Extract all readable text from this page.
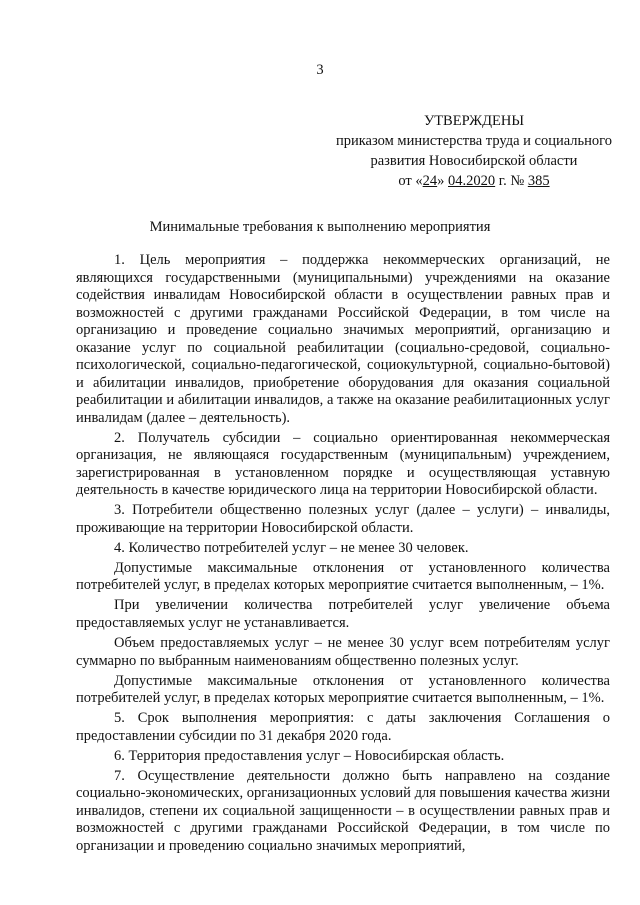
3
УТВЕРЖДЕНЫ
приказом министерства труда и социального
развития Новосибирской области
от «24» 04.2020 г. № 385
Минимальные требования к выполнению мероприятия

1. Цель мероприятия – поддержка некоммерческих организаций, не являющихся государственными (муниципальными) учреждениями на оказание содействия инвалидам Новосибирской области в осуществлении равных прав и возможностей с другими гражданами Российской Федерации, в том числе на организацию и проведение социально значимых мероприятий, организацию и оказание услуг по социальной реабилитации (социально-средовой, социально-психологической, социально-педагогической, социокультурной, социально-бытовой) и абилитации инвалидов, приобретение оборудования для оказания социальной реабилитации и абилитации инвалидов, а также на оказание реабилитационных услуг инвалидам (далее – деятельность).

2. Получатель субсидии – социально ориентированная некоммерческая организация, не являющаяся государственным (муниципальным) учреждением, зарегистрированная в установленном порядке и осуществляющая уставную деятельность в качестве юридического лица на территории Новосибирской области.

3. Потребители общественно полезных услуг (далее – услуги) – инвалиды, проживающие на территории Новосибирской области.

4. Количество потребителей услуг – не менее 30 человек.

Допустимые максимальные отклонения от установленного количества потребителей услуг, в пределах которых мероприятие считается выполненным, – 1%.

При увеличении количества потребителей услуг увеличение объема предоставляемых услуг не устанавливается.

Объем предоставляемых услуг – не менее 30 услуг всем потребителям услуг суммарно по выбранным наименованиям общественно полезных услуг.

Допустимые максимальные отклонения от установленного количества потребителей услуг, в пределах которых мероприятие считается выполненным, – 1%.

5. Срок выполнения мероприятия: с даты заключения Соглашения о предоставлении субсидии по 31 декабря 2020 года.

6. Территория предоставления услуг – Новосибирская область.

7. Осуществление деятельности должно быть направлено на создание социально-экономических, организационных условий для повышения качества жизни инвалидов, степени их социальной защищенности – в осуществлении равных прав и возможностей с другими гражданами Российской Федерации, в том числе по организации и проведению социально значимых мероприятий,
